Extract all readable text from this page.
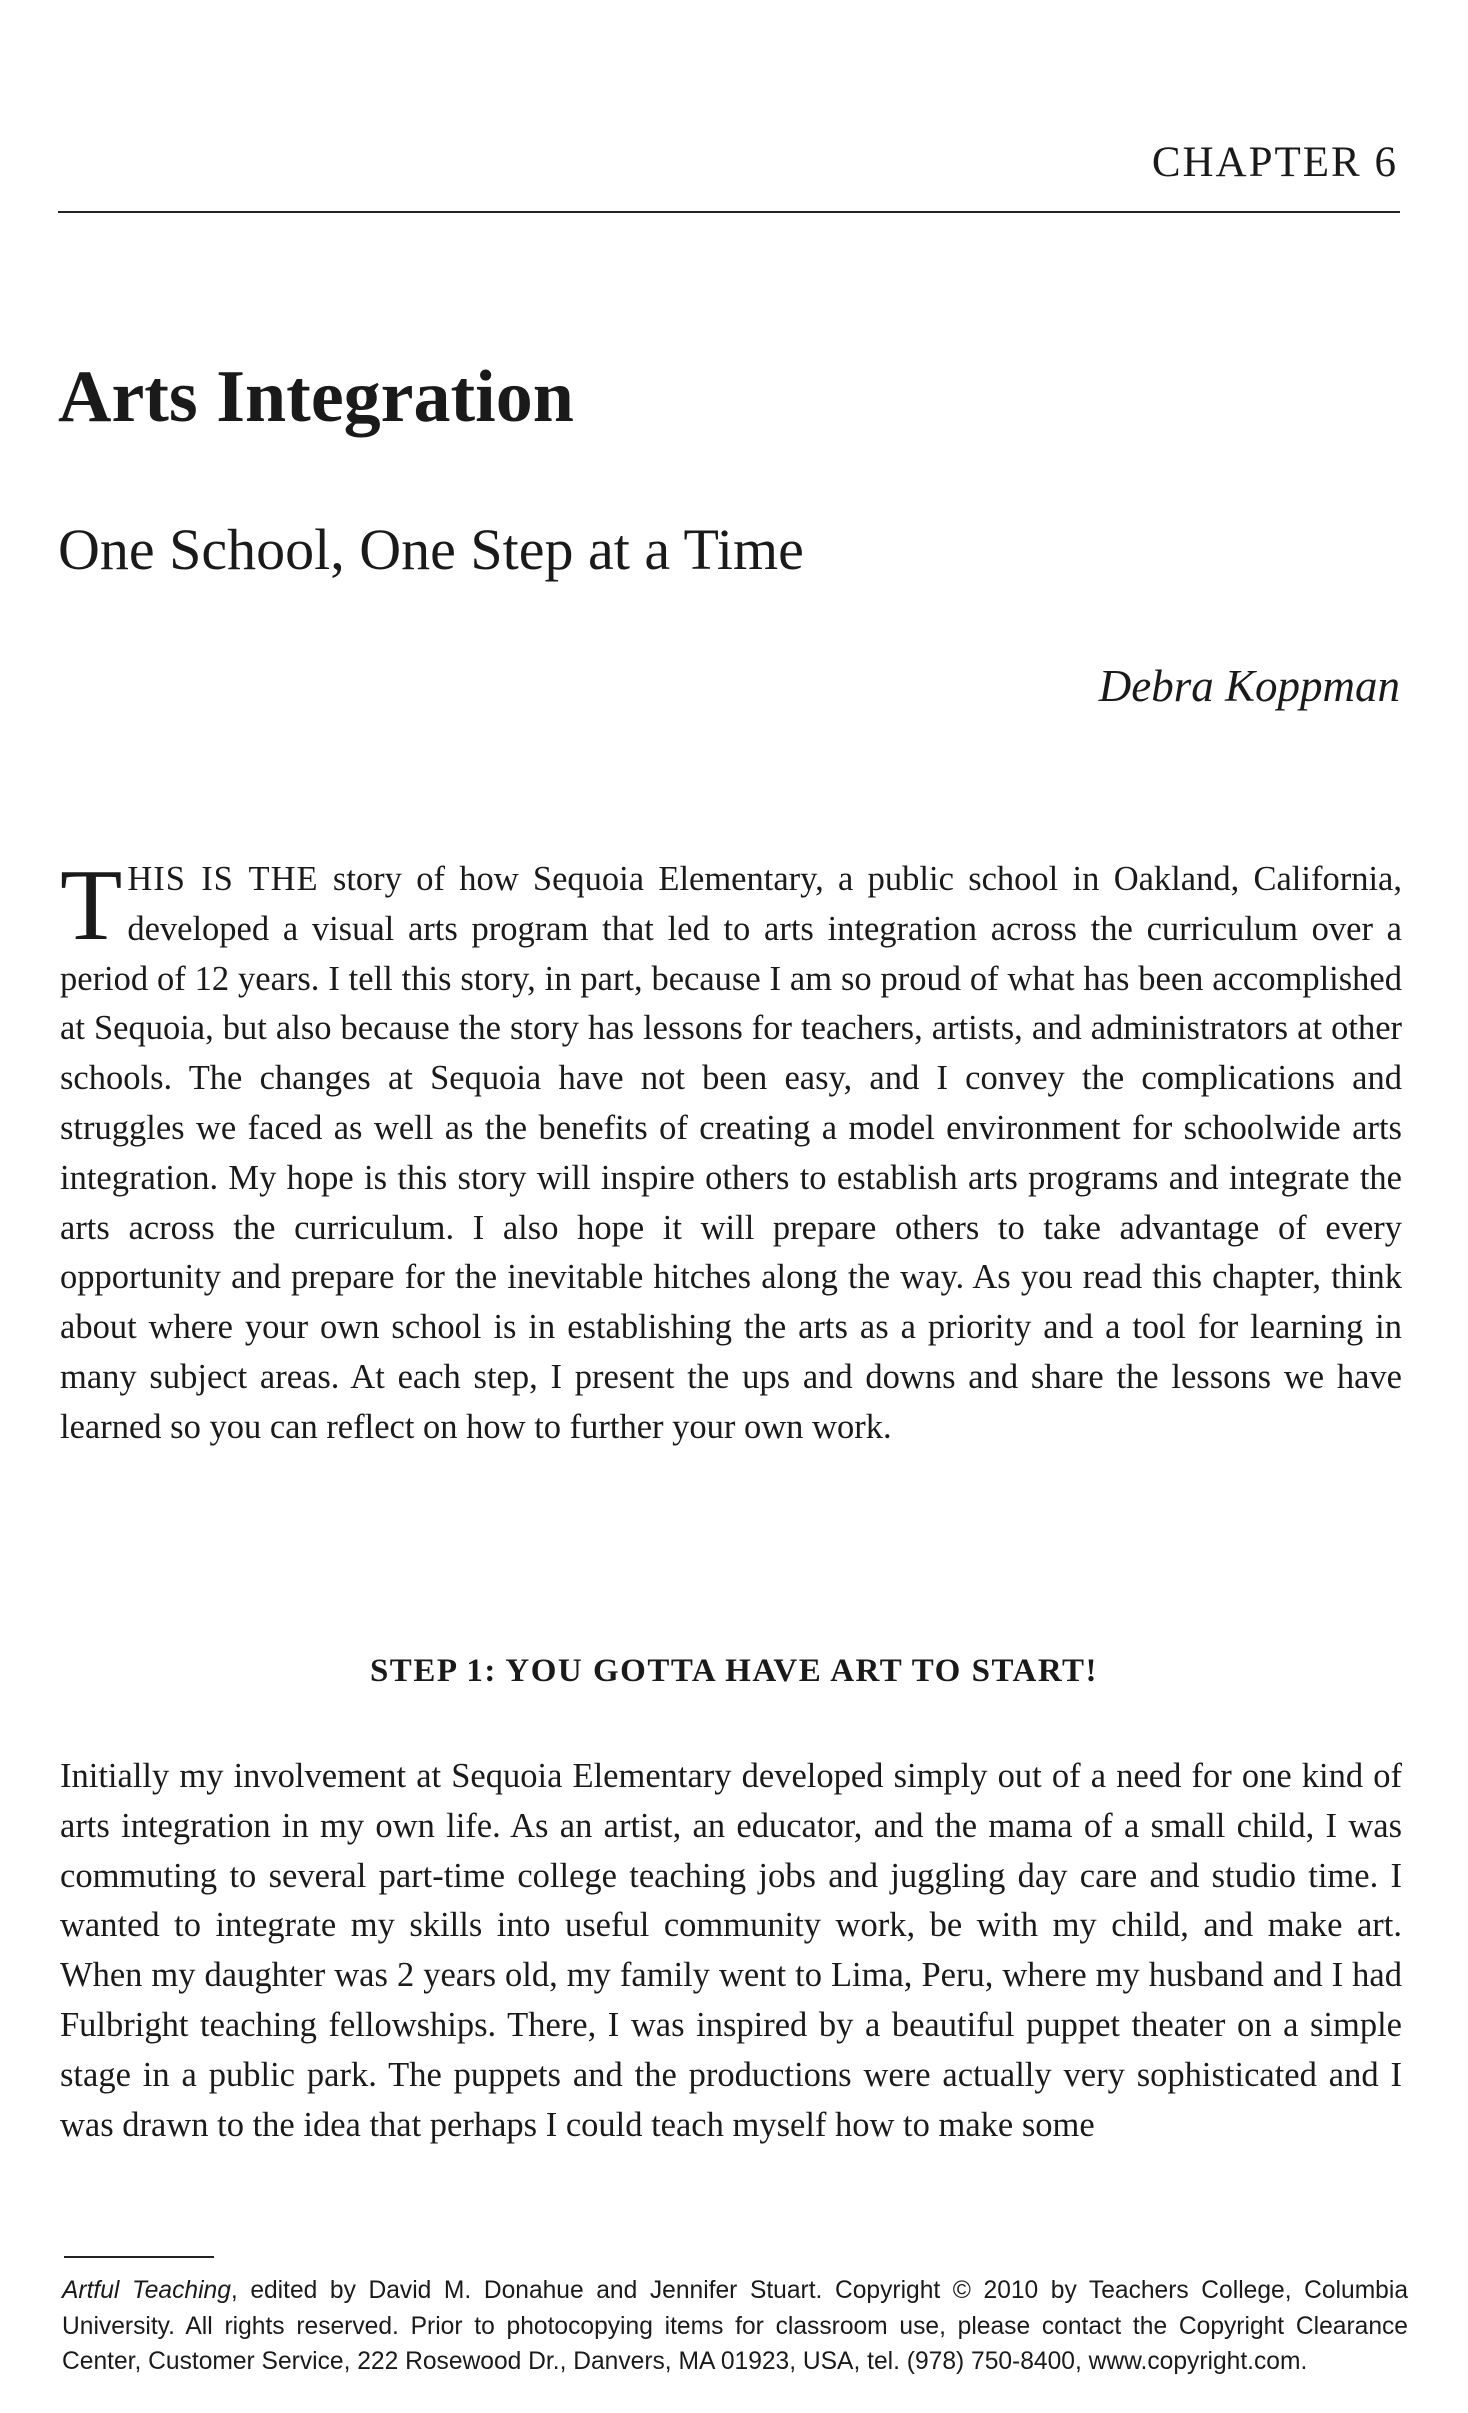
CHAPTER 6
Arts Integration
One School, One Step at a Time
Debra Koppman

THIS IS THE story of how Sequoia Elementary, a public school in Oakland, California, developed a visual arts program that led to arts integration across the curriculum over a period of 12 years. I tell this story, in part, because I am so proud of what has been accomplished at Sequoia, but also because the story has lessons for teachers, artists, and administrators at other schools. The changes at Sequoia have not been easy, and I convey the complications and struggles we faced as well as the benefits of creating a model environment for schoolwide arts integration. My hope is this story will inspire others to establish arts programs and integrate the arts across the curriculum. I also hope it will prepare others to take advantage of every opportunity and prepare for the inevitable hitches along the way. As you read this chapter, think about where your own school is in establishing the arts as a priority and a tool for learning in many subject areas. At each step, I present the ups and downs and share the lessons we have learned so you can reflect on how to further your own work.

STEP 1: YOU GOTTA HAVE ART TO START!

Initially my involvement at Sequoia Elementary developed simply out of a need for one kind of arts integration in my own life. As an artist, an educator, and the mama of a small child, I was commuting to several part-time college teaching jobs and juggling day care and studio time. I wanted to integrate my skills into useful community work, be with my child, and make art. When my daughter was 2 years old, my family went to Lima, Peru, where my husband and I had Fulbright teaching fellowships. There, I was inspired by a beautiful puppet theater on a simple stage in a public park. The puppets and the productions were actually very sophisticated and I was drawn to the idea that perhaps I could teach myself how to make some

Artful Teaching, edited by David M. Donahue and Jennifer Stuart. Copyright © 2010 by Teachers College, Columbia University. All rights reserved. Prior to photocopying items for classroom use, please contact the Copyright Clearance Center, Customer Service, 222 Rosewood Dr., Danvers, MA 01923, USA, tel. (978) 750-8400, www.copyright.com.
